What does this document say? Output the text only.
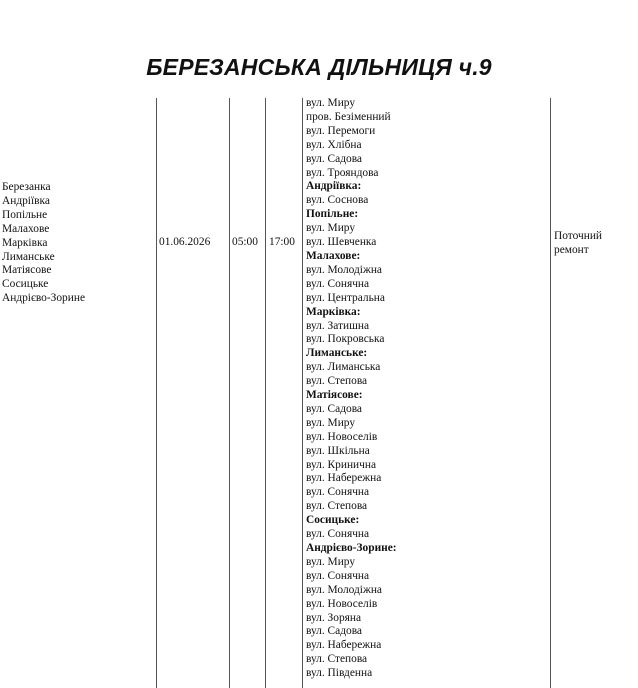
БЕРЕЗАНСЬКА ДІЛЬНИЦЯ ч.9
Березанка
Андріївка
Попільне
Малахове
Марківка
Лиманське
Матіясове
Сосицьке
Андрієво-Зорине
01.06.2026 05:00 17:00
вул. Миру
пров. Безіменний
вул. Перемоги
вул. Хлібна
вул. Садова
вул. Трояндова
Андріївка:
вул. Соснова
Попільне:
вул. Миру
вул. Шевченка
Малахове:
вул. Молодіжна
вул. Сонячна
вул. Центральна
Марківка:
вул. Затишна
вул. Покровська
Лиманське:
вул. Лиманська
вул. Степова
Матіясове:
вул. Садова
вул. Миру
вул. Новоселів
вул. Шкільна
вул. Кринична
вул. Набережна
вул. Сонячна
вул. Степова
Сосицьке:
вул. Сонячна
Андрієво-Зорине:
вул. Миру
вул. Сонячна
вул. Молодіжна
вул. Новоселів
вул. Зоряна
вул. Садова
вул. Набережна
вул. Степова
вул. Південна
Поточний
ремонт
